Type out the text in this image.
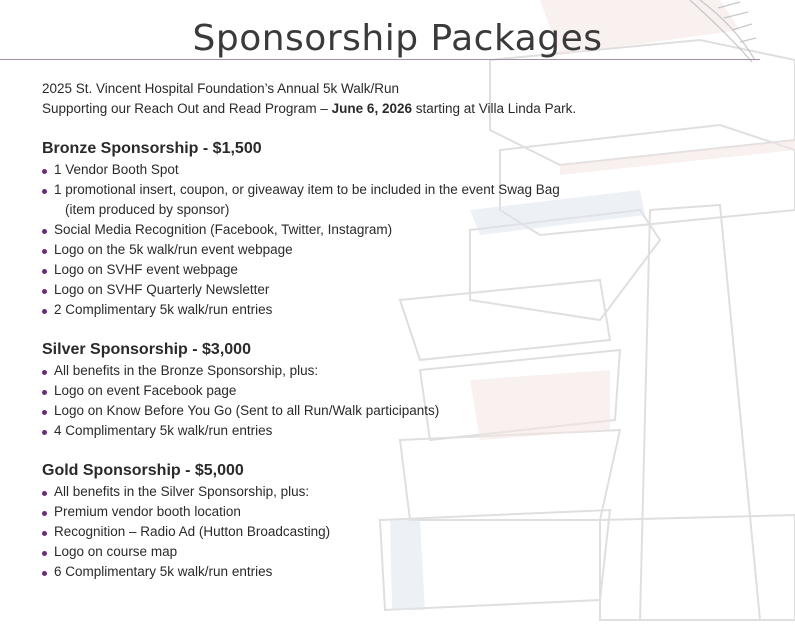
Sponsorship Packages

2025 St. Vincent Hospital Foundation’s Annual 5k Walk/Run

Supporting our Reach Out and Read Program – June 6, 2026 starting at Villa Linda Park.

Bronze Sponsorship - $1,500
1 Vendor Booth Spot
1 promotional insert, coupon, or giveaway item to be included in the event Swag Bag
(item produced by sponsor)
Social Media Recognition (Facebook, Twitter, Instagram)
Logo on the 5k walk/run event webpage
Logo on SVHF event webpage
Logo on SVHF Quarterly Newsletter
2 Complimentary 5k walk/run entries
Silver Sponsorship - $3,000
All benefits in the Bronze Sponsorship, plus:
Logo on event Facebook page
Logo on Know Before You Go (Sent to all Run/Walk participants)
4 Complimentary 5k walk/run entries
Gold Sponsorship - $5,000
All benefits in the Silver Sponsorship, plus:
Premium vendor booth location
Recognition – Radio Ad (Hutton Broadcasting)
Logo on course map
6 Complimentary 5k walk/run entries
